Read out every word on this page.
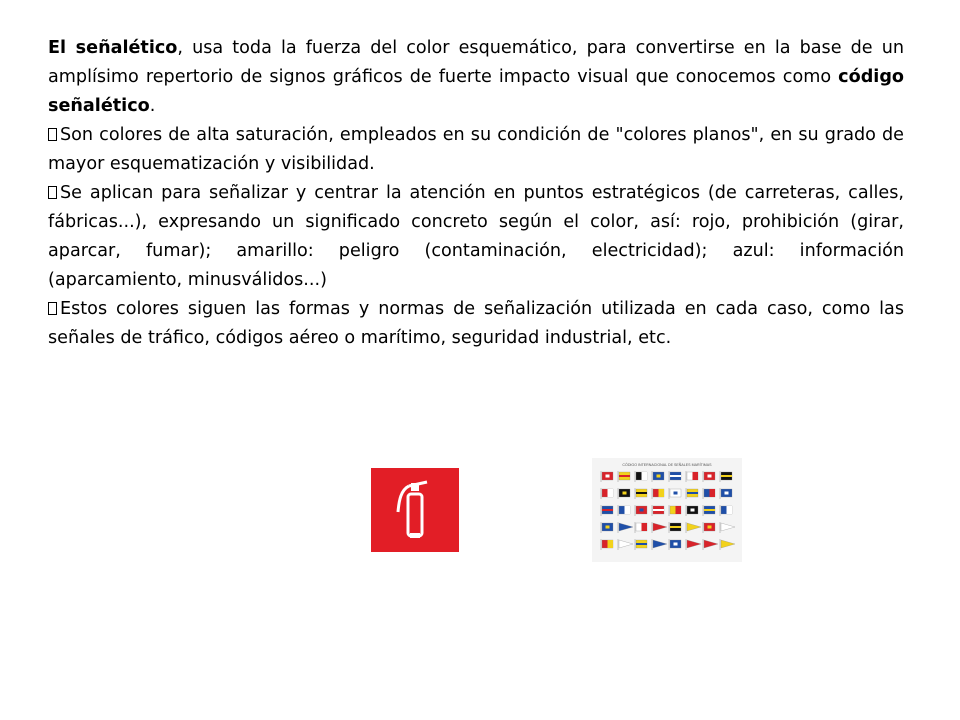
El señalético, usa toda la fuerza del color esquemático, para convertirse en la base de un amplísimo repertorio de signos gráficos de fuerte impacto visual que conocemos como código señalético.

Son colores de alta saturación, empleados en su condición de "colores planos", en su grado de mayor esquematización y visibilidad.

Se aplican para señalizar y centrar la atención en puntos estratégicos (de carreteras, calles, fábricas...), expresando un significado concreto según el color, así: rojo, prohibición (girar, aparcar, fumar); amarillo: peligro (contaminación, electricidad); azul: información (aparcamiento, minusválidos...)

Estos colores siguen las formas y normas de señalización utilizada en cada caso, como las señales de tráfico, códigos aéreo o marítimo, seguridad industrial, etc.

CÓDIGO INTERNACIONAL DE SEÑALES MARÍTIMAS
